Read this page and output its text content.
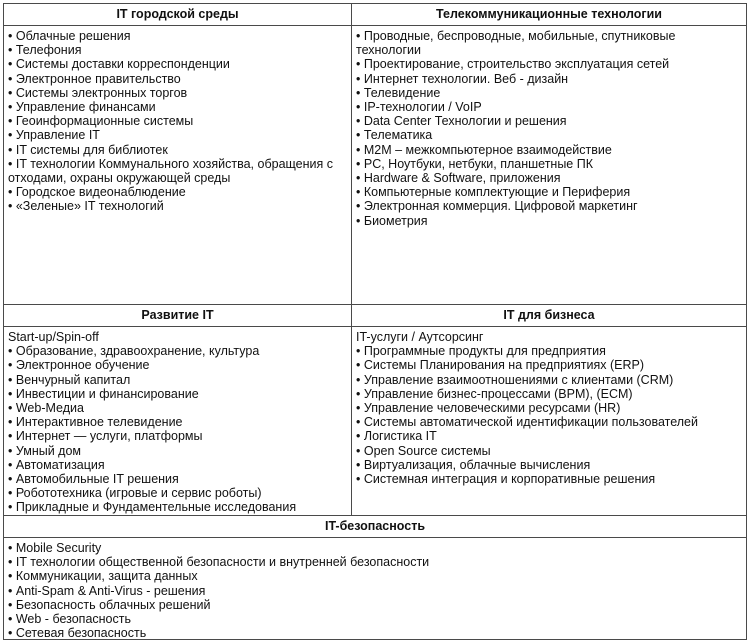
IT городской среды
• Облачные решения
• Телефония
• Системы доставки корреспонденции
• Электронное правительство
• Системы электронных торгов
• Управление финансами
• Геоинформационные системы
• Управление IT
• IT системы для библиотек
• IT технологии Коммунального хозяйства, обращения с отходами, охраны окружающей среды
• Городское видеонаблюдение
• «Зеленые» IT технологий
Телекоммуникационные технологии
• Проводные, беспроводные, мобильные, спутниковые технологии
• Проектирование, строительство эксплуатация сетей
• Интернет технологии. Веб - дизайн
• Телевидение
• IP-технологии / VoIP
• Data Center Технологии и решения
• Телематика
• M2M – межкомпьютерное взаимодействие
• PC, Ноутбуки, нетбуки, планшетные ПК
• Hardware & Software, приложения
• Компьютерные комплектующие и Периферия
• Электронная коммерция. Цифровой маркетинг
• Биометрия
Развитие IT

Start-up/Spin-off

• Образование, здравоохранение, культура
• Электронное обучение
• Венчурный капитал
• Инвестиции и финансирование
• Web-Медиа
• Интерактивное телевидение
• Интернет — услуги, платформы
• Умный дом
• Автоматизация
• Автомобильные IT решения
• Робототехника (игровые и сервис роботы)
• Прикладные и Фундаментельные исследования
IT для бизнеса

IT-услуги / Аутсорсинг

• Программные продукты для предприятия
• Системы Планирования на предприятиях (ERP)
• Управление взаимоотношениями с клиентами (CRM)
• Управление бизнес-процессами (BPM), (ECM)
• Управление человеческими ресурсами (HR)
• Системы автоматической идентификации пользователей
• Логистика IT
• Open Source системы
• Виртуализация, облачные вычисления
• Системная интеграция и корпоративные решения
IT-безопасность
• Mobile Security
• IT технологии общественной безопасности и внутренней безопасности
• Коммуникации, защита данных
• Anti-Spam & Anti-Virus - решения
• Безопасность облачных решений
• Web - безопасность
• Сетевая безопасность
